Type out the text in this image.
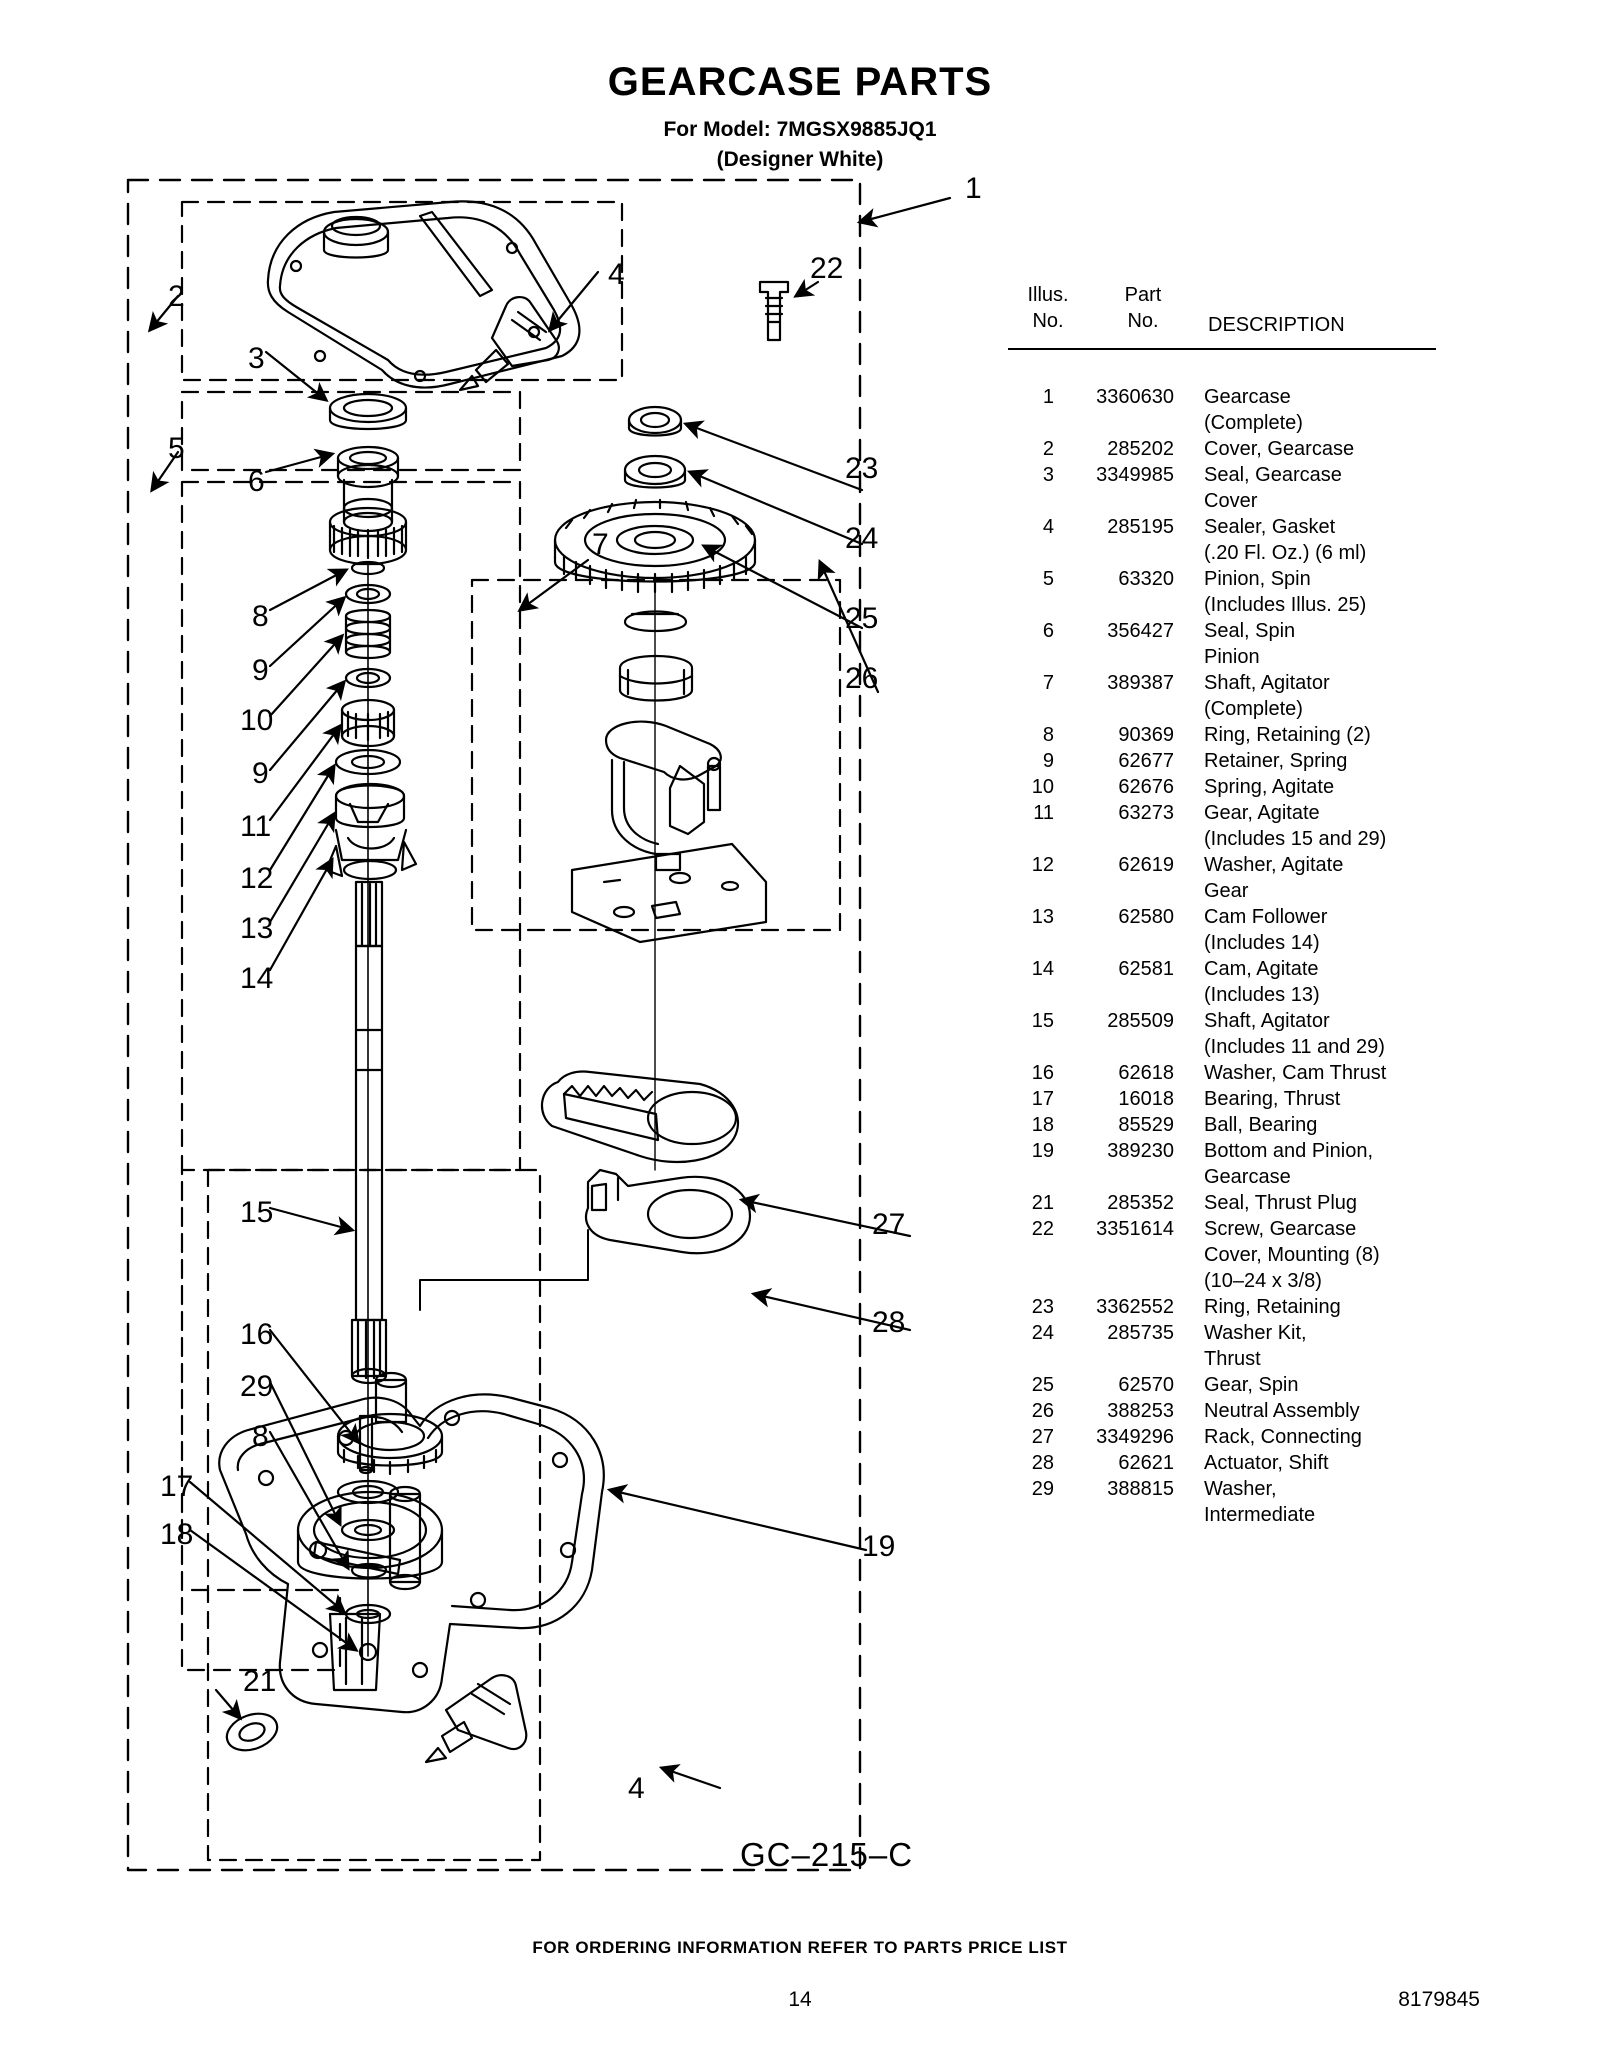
GEARCASE PARTS
For Model: 7MGSX9885JQ1
(Designer White)
1
2
3
4
5
6
7
8
9
10
9
11
12
13
14
15
16
29
8
17
18
21
19
4
22
23
24
25
26
27
28
GC–215–C
Illus.
No.
Part
No.	DESCRIPTION
1	3360630 Gearcase
(Complete)
2	285202 Cover, Gearcase
3	3349985 Seal, Gearcase
Cover
4	285195 Sealer, Gasket
(.20 Fl. Oz.) (6 ml)
5	63320 Pinion, Spin
(Includes Illus. 25)
6	356427 Seal, Spin
Pinion
7	389387 Shaft, Agitator
(Complete)
8	90369 Ring, Retaining (2)
9	62677 Retainer, Spring
10	62676 Spring, Agitate
11	63273 Gear, Agitate
(Includes 15 and 29)
12	62619 Washer, Agitate
Gear
13	62580 Cam Follower
(Includes 14)
14	62581 Cam, Agitate
(Includes 13)
15	285509 Shaft, Agitator
(Includes 11 and 29)
16	62618 Washer, Cam Thrust
17	16018 Bearing, Thrust
18	85529 Ball, Bearing
19	389230 Bottom and Pinion,
Gearcase
21	285352 Seal, Thrust Plug
22	3351614 Screw, Gearcase
Cover, Mounting (8)
(10–24 x 3/8)
23	3362552 Ring, Retaining
24	285735 Washer Kit,
Thrust
25	62570 Gear, Spin
26	388253 Neutral Assembly
27	3349296 Rack, Connecting
28	62621 Actuator, Shift
29	388815 Washer,
Intermediate
FOR ORDERING INFORMATION REFER TO PARTS PRICE LIST
14	8179845
